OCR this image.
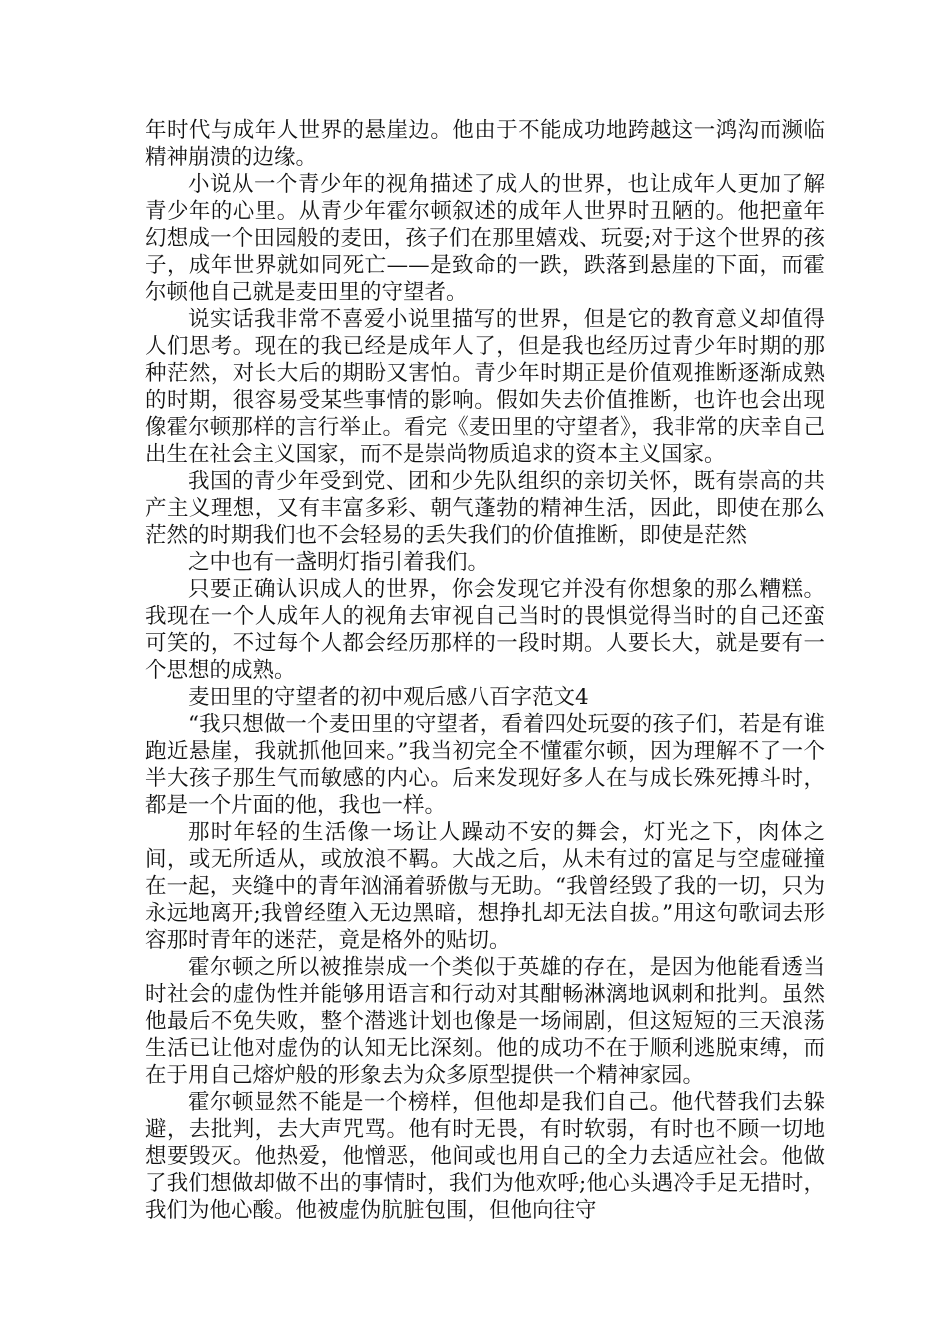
年时代与成年人世界的悬崖边。他由于不能成功地跨越这一鸿沟而濒临精神崩溃的边缘。

小说从一个青少年的视角描述了成人的世界，也让成年人更加了解青少年的心里。从青少年霍尔顿叙述的成年人世界时丑陋的。他把童年幻想成一个田园般的麦田，孩子们在那里嬉戏、玩耍;对于这个世界的孩子，成年世界就如同死亡——是致命的一跌，跌落到悬崖的下面，而霍尔顿他自己就是麦田里的守望者。

说实话我非常不喜爱小说里描写的世界，但是它的教育意义却值得人们思考。现在的我已经是成年人了，但是我也经历过青少年时期的那种茫然，对长大后的期盼又害怕。青少年时期正是价值观推断逐渐成熟的时期，很容易受某些事情的影响。假如失去价值推断，也许也会出现像霍尔顿那样的言行举止。看完《麦田里的守望者》，我非常的庆幸自己出生在社会主义国家，而不是崇尚物质追求的资本主义国家。

我国的青少年受到党、团和少先队组织的亲切关怀，既有崇高的共产主义理想，又有丰富多彩、朝气蓬勃的精神生活，因此，即使在那么茫然的时期我们也不会轻易的丢失我们的价值推断，即使是茫然

之中也有一盏明灯指引着我们。

只要正确认识成人的世界，你会发现它并没有你想象的那么糟糕。我现在一个人成年人的视角去审视自己当时的畏惧觉得当时的自己还蛮可笑的，不过每个人都会经历那样的一段时期。人要长大，就是要有一个思想的成熟。

麦田里的守望者的初中观后感八百字范文4

“我只想做一个麦田里的守望者，看着四处玩耍的孩子们，若是有谁跑近悬崖，我就抓他回来。”我当初完全不懂霍尔顿，因为理解不了一个半大孩子那生气而敏感的内心。后来发现好多人在与成长殊死搏斗时，都是一个片面的他，我也一样。

那时年轻的生活像一场让人躁动不安的舞会，灯光之下，肉体之间，或无所适从，或放浪不羁。大战之后，从未有过的富足与空虚碰撞在一起，夹缝中的青年汹涌着骄傲与无助。“我曾经毁了我的一切，只为永远地离开;我曾经堕入无边黑暗，想挣扎却无法自拔。”用这句歌词去形容那时青年的迷茫，竟是格外的贴切。

霍尔顿之所以被推崇成一个类似于英雄的存在，是因为他能看透当时社会的虚伪性并能够用语言和行动对其酣畅淋漓地讽刺和批判。虽然他最后不免失败，整个潜逃计划也像是一场闹剧，但这短短的三天浪荡生活已让他对虚伪的认知无比深刻。他的成功不在于顺利逃脱束缚，而在于用自己熔炉般的形象去为众多原型提供一个精神家园。

霍尔顿显然不能是一个榜样，但他却是我们自己。他代替我们去躲避，去批判，去大声咒骂。他有时无畏，有时软弱，有时也不顾一切地想要毁灭。他热爱，他憎恶，他间或也用自己的全力去适应社会。他做了我们想做却做不出的事情时，我们为他欢呼;他心头遇冷手足无措时，我们为他心酸。他被虚伪肮脏包围，但他向往守
